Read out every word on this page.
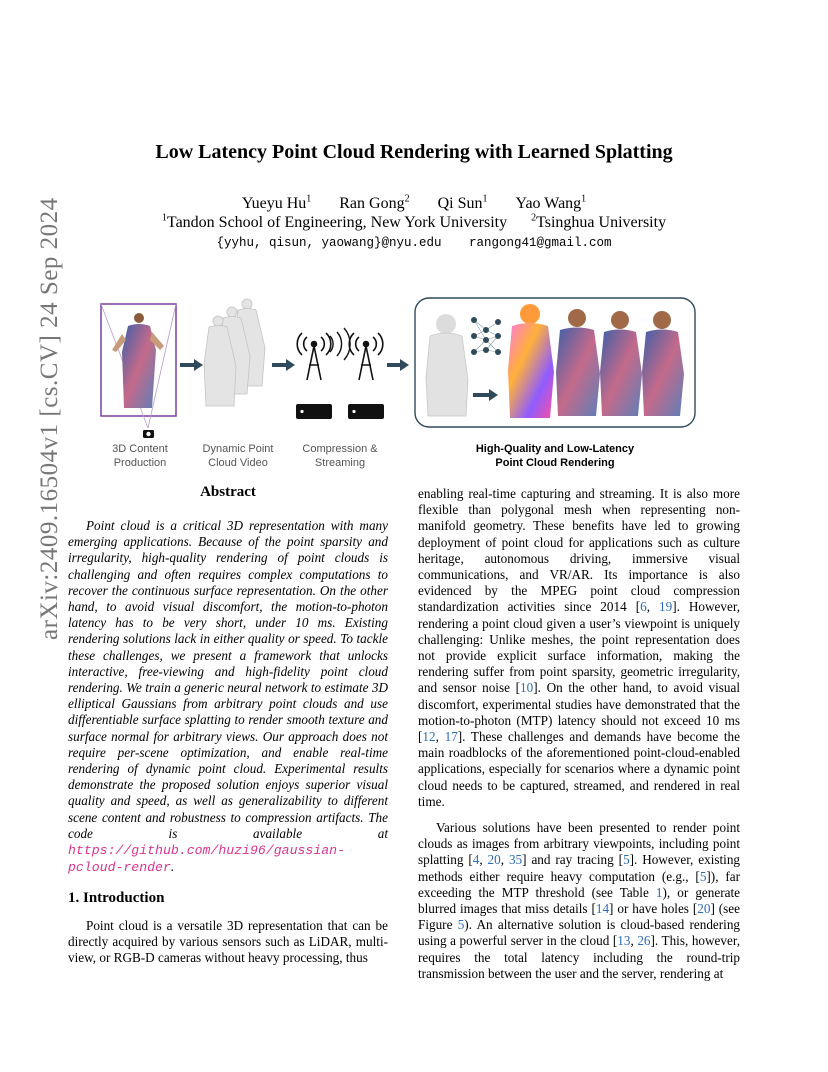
arXiv:2409.16504v1 [cs.CV] 24 Sep 2024
Low Latency Point Cloud Rendering with Learned Splatting
Yueyu Hu$^1$ Ran Gong$^2$ Qi Sun$^1$ Yao Wang$^1$
$^1$Tandon School of Engineering, New York University $^2$Tsinghua University
{yyhu, qisun, yaowang}@nyu.edu rangong41@gmail.com
3D Content
Production
Dynamic Point
Cloud Video
Compression &
Streaming
High-Quality and Low-Latency
Point Cloud Rendering
Abstract
Point cloud is a critical 3D representation with many emerging applications. Because of the point sparsity and irregularity, high-quality rendering of point clouds is challenging and often requires complex computations to recover the continuous surface representation. On the other hand, to avoid visual discomfort, the motion-to-photon latency has to be very short, under 10 ms. Existing rendering solutions lack in either quality or speed. To tackle these challenges, we present a framework that unlocks interactive, free-viewing and high-fidelity point cloud rendering. We train a generic neural network to estimate 3D elliptical Gaussians from arbitrary point clouds and use differentiable surface splatting to render smooth texture and surface normal for arbitrary views. Our approach does not require per-scene optimization, and enable real-time rendering of dynamic point cloud. Experimental results demonstrate the proposed solution enjoys superior visual quality and speed, as well as generalizability to different scene content and robustness to compression artifacts. The code is available at https://github.com/huzi96/gaussian-pcloud-render.
1. Introduction
Point cloud is a versatile 3D representation that can be directly acquired by various sensors such as LiDAR, multi-view, or RGB-D cameras without heavy processing, thus

enabling real-time capturing and streaming. It is also more flexible than polygonal mesh when representing non-manifold geometry. These benefits have led to growing deployment of point cloud for applications such as culture heritage, autonomous driving, immersive visual communications, and VR/AR. Its importance is also evidenced by the MPEG point cloud compression standardization activities since 2014 [6, 19]. However, rendering a point cloud given a user’s viewpoint is uniquely challenging: Unlike meshes, the point representation does not provide explicit surface information, making the rendering suffer from point sparsity, geometric irregularity, and sensor noise [10]. On the other hand, to avoid visual discomfort, experimental studies have demonstrated that the motion-to-photon (MTP) latency should not exceed 10 ms [12, 17]. These challenges and demands have become the main roadblocks of the aforementioned point-cloud-enabled applications, especially for scenarios where a dynamic point cloud needs to be captured, streamed, and rendered in real time.

Various solutions have been presented to render point clouds as images from arbitrary viewpoints, including point splatting [4, 20, 35] and ray tracing [5]. However, existing methods either require heavy computation (e.g., [5]), far exceeding the MTP threshold (see Table 1), or generate blurred images that miss details [14] or have holes [20] (see Figure 5). An alternative solution is cloud-based rendering using a powerful server in the cloud [13, 26]. This, however, requires the total latency including the round-trip transmission between the user and the server, rendering at
